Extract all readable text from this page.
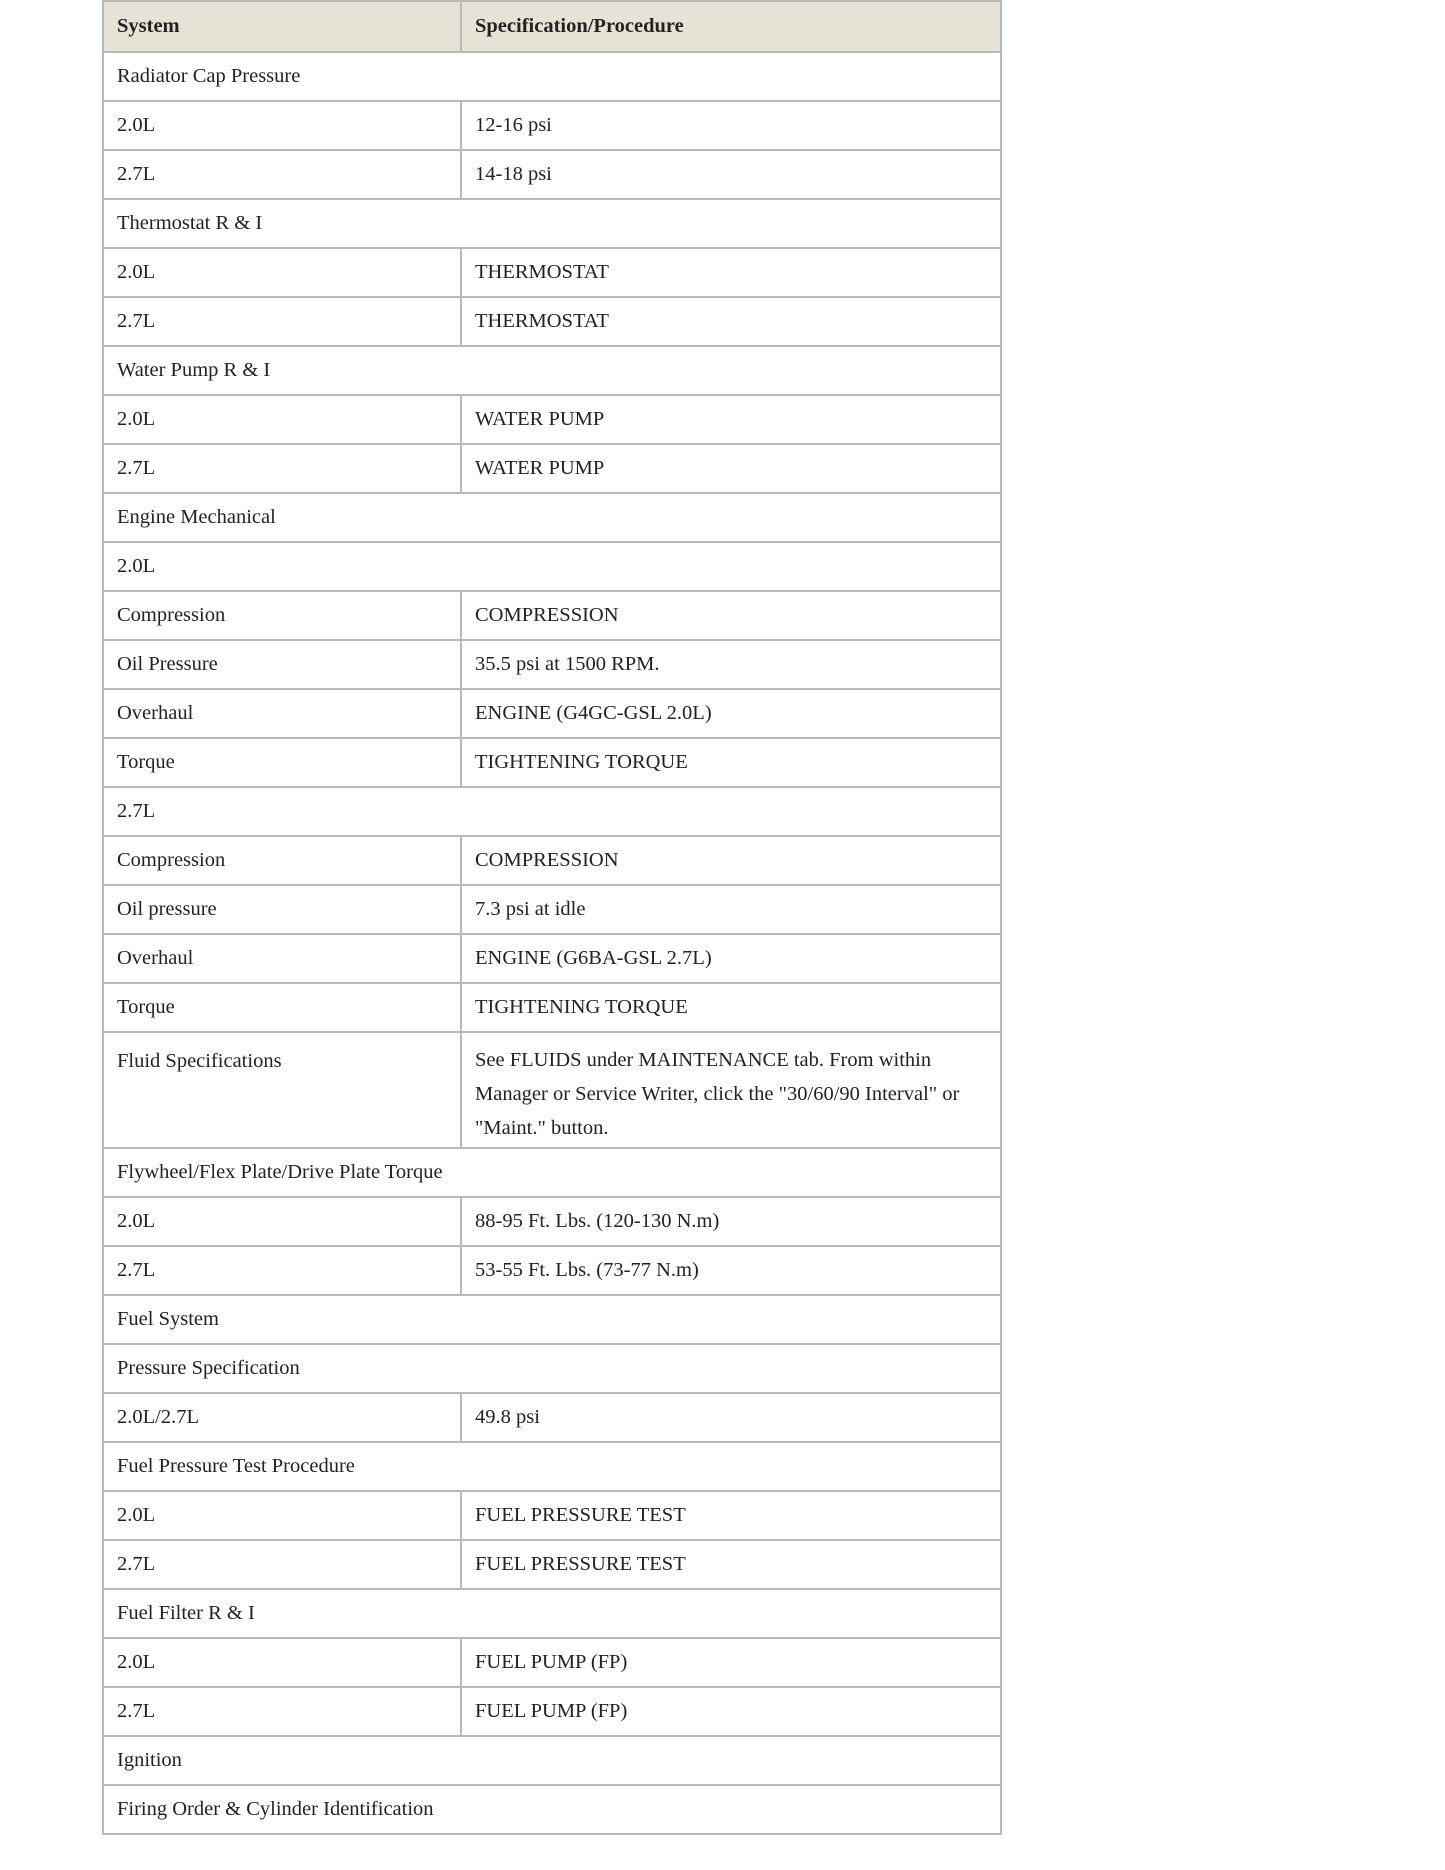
System	Specification/Procedure
Radiator Cap Pressure	
2.0L	12-16 psi
2.7L	14-18 psi
Thermostat R & I	
2.0L	THERMOSTAT
2.7L	THERMOSTAT
Water Pump R & I	
2.0L	WATER PUMP
2.7L	WATER PUMP
Engine Mechanical	
2.0L	
Compression	COMPRESSION
Oil Pressure	35.5 psi at 1500 RPM.
Overhaul	ENGINE (G4GC-GSL 2.0L)
Torque	TIGHTENING TORQUE
2.7L	
Compression	COMPRESSION
Oil pressure	7.3 psi at idle
Overhaul	ENGINE (G6BA-GSL 2.7L)
Torque	TIGHTENING TORQUE
Fluid Specifications	See FLUIDS under MAINTENANCE tab. From within Manager or Service Writer, click the "30/60/90 Interval" or "Maint." button.
Flywheel/Flex Plate/Drive Plate Torque	
2.0L	88-95 Ft. Lbs. (120-130 N.m)
2.7L	53-55 Ft. Lbs. (73-77 N.m)
Fuel System	
Pressure Specification	
2.0L/2.7L	49.8 psi
Fuel Pressure Test Procedure	
2.0L	FUEL PRESSURE TEST
2.7L	FUEL PRESSURE TEST
Fuel Filter R & I	
2.0L	FUEL PUMP (FP)
2.7L	FUEL PUMP (FP)
Ignition	
Firing Order & Cylinder Identification	
